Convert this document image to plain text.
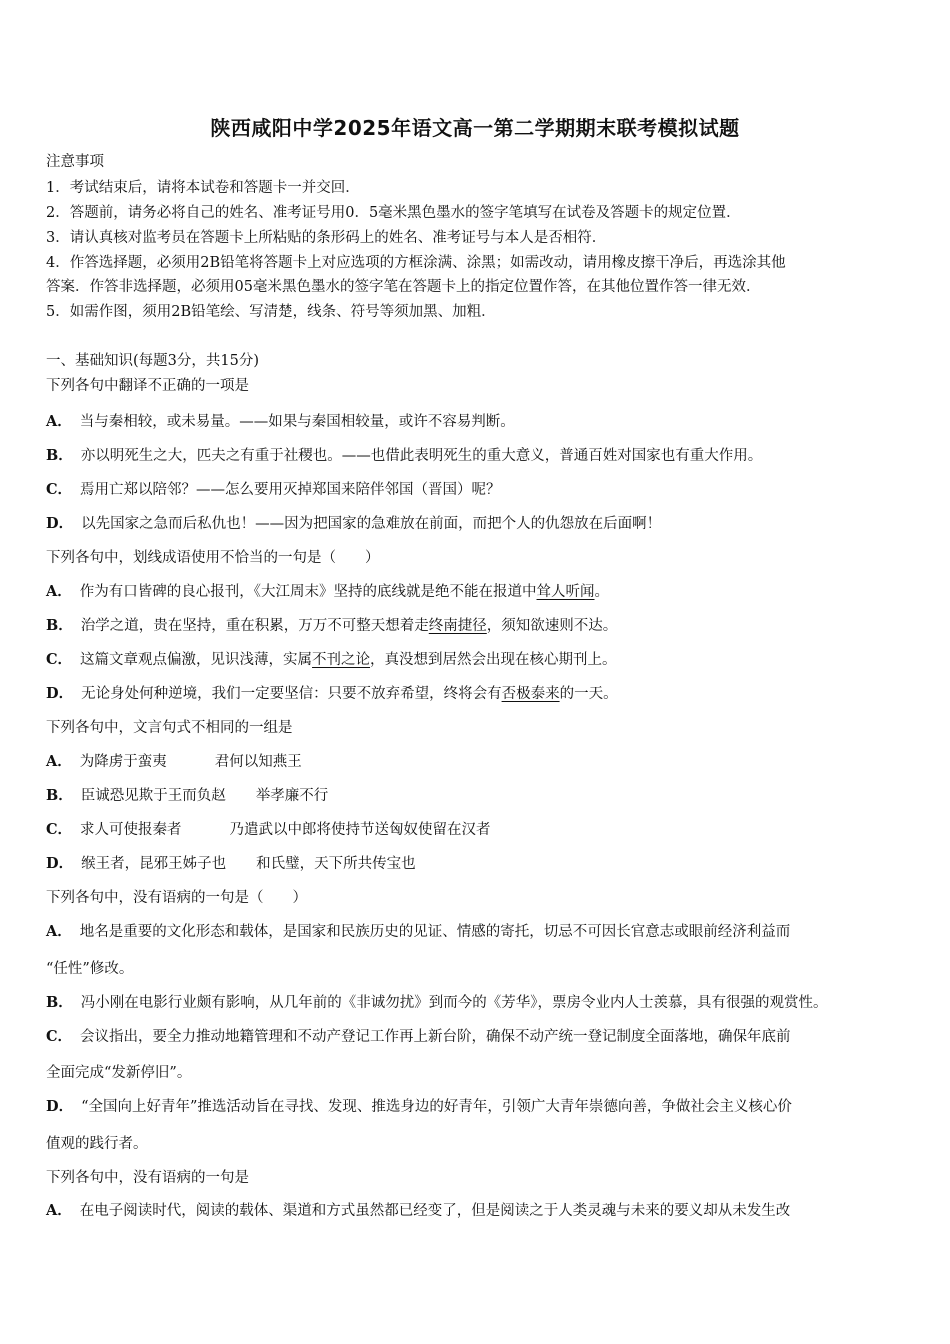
陕西咸阳中学2025年语文高一第二学期期末联考模拟试题
注意事项
1．考试结束后，请将本试卷和答题卡一并交回．
2．答题前，请务必将自己的姓名、准考证号用0．5毫米黑色墨水的签字笔填写在试卷及答题卡的规定位置．
3．请认真核对监考员在答题卡上所粘贴的条形码上的姓名、准考证号与本人是否相符．
4．作答选择题，必须用2B铅笔将答题卡上对应选项的方框涂满、涂黑；如需改动，请用橡皮擦干净后，再选涂其他
答案．作答非选择题，必须用05毫米黑色墨水的签字笔在答题卡上的指定位置作答，在其他位置作答一律无效．
5．如需作图，须用2B铅笔绘、写清楚，线条、符号等须加黑、加粗．
一、基础知识(每题3分，共15分)
下列各句中翻译不正确的一项是
A． 当与秦相较，或未易量。——如果与秦国相较量，或许不容易判断。
B． 亦以明死生之大，匹夫之有重于社稷也。——也借此表明死生的重大意义，普通百姓对国家也有重大作用。
C． 焉用亡郑以陪邻？——怎么要用灭掉郑国来陪伴邻国（晋国）呢？
D． 以先国家之急而后私仇也！——因为把国家的急难放在前面，而把个人的仇怨放在后面啊！
下列各句中，划线成语使用不恰当的一句是（　　）
A． 作为有口皆碑的良心报刊，《大江周末》坚持的底线就是绝不能在报道中耸人听闻。
B． 治学之道，贵在坚持，重在积累，万万不可整天想着走终南捷径，须知欲速则不达。
C． 这篇文章观点偏激，见识浅薄，实属不刊之论，真没想到居然会出现在核心期刊上。
D． 无论身处何种逆境，我们一定要坚信：只要不放弃希望，终将会有否极泰来的一天。
下列各句中，文言句式不相同的一组是
A． 为降虏于蛮夷	君何以知燕王
B． 臣诚恐见欺于王而负赵 举孝廉不行
C． 求人可使报秦者	乃遣武以中郎将使持节送匈奴使留在汉者
D． 缑王者，昆邪王姊子也 和氏璧，天下所共传宝也
下列各句中，没有语病的一句是（　　）
A． 地名是重要的文化形态和载体，是国家和民族历史的见证、情感的寄托，切忌不可因长官意志或眼前经济利益而
“任性”修改。
B． 冯小刚在电影行业颇有影响，从几年前的《非诚勿扰》到而今的《芳华》，票房令业内人士羡慕，具有很强的观赏性。
C． 会议指出，要全力推动地籍管理和不动产登记工作再上新台阶，确保不动产统一登记制度全面落地，确保年底前
全面完成“发新停旧”。
D． “全国向上好青年”推选活动旨在寻找、发现、推选身边的好青年，引领广大青年崇德向善，争做社会主义核心价
值观的践行者。
下列各句中，没有语病的一句是
A． 在电子阅读时代，阅读的载体、渠道和方式虽然都已经变了，但是阅读之于人类灵魂与未来的要义却从未发生改
